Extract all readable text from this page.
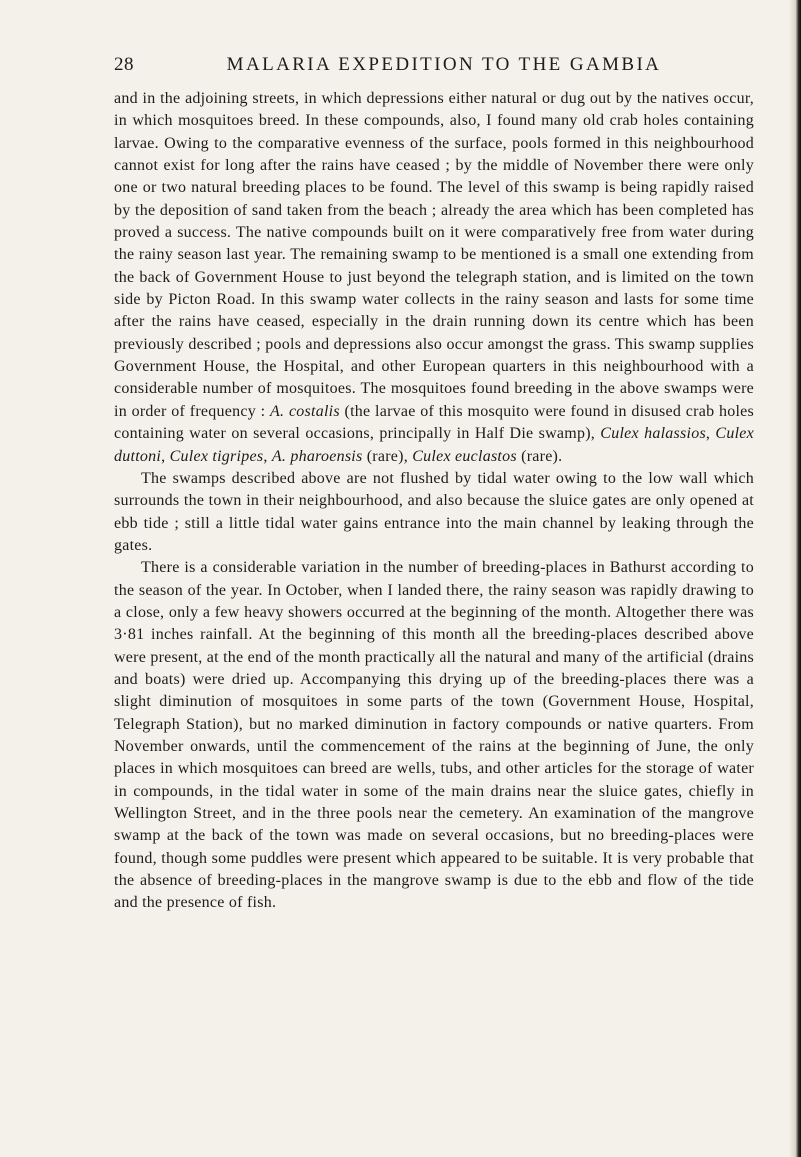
28	MALARIA EXPEDITION TO THE GAMBIA

and in the adjoining streets, in which depressions either natural or dug out by the natives occur, in which mosquitoes breed. In these compounds, also, I found many old crab holes containing larvae. Owing to the comparative evenness of the surface, pools formed in this neighbourhood cannot exist for long after the rains have ceased ; by the middle of November there were only one or two natural breeding places to be found. The level of this swamp is being rapidly raised by the deposition of sand taken from the beach ; already the area which has been completed has proved a success. The native compounds built on it were comparatively free from water during the rainy season last year. The remaining swamp to be mentioned is a small one extending from the back of Government House to just beyond the telegraph station, and is limited on the town side by Picton Road. In this swamp water collects in the rainy season and lasts for some time after the rains have ceased, especially in the drain running down its centre which has been previously described ; pools and depressions also occur amongst the grass. This swamp supplies Government House, the Hospital, and other European quarters in this neighbourhood with a considerable number of mosquitoes. The mosquitoes found breeding in the above swamps were in order of frequency : A. costalis (the larvae of this mosquito were found in disused crab holes containing water on several occasions, principally in Half Die swamp), Culex halassios, Culex duttoni, Culex tigripes, A. pharoensis (rare), Culex euclastos (rare).

The swamps described above are not flushed by tidal water owing to the low wall which surrounds the town in their neighbourhood, and also because the sluice gates are only opened at ebb tide ; still a little tidal water gains entrance into the main channel by leaking through the gates.

There is a considerable variation in the number of breeding-places in Bathurst according to the season of the year. In October, when I landed there, the rainy season was rapidly drawing to a close, only a few heavy showers occurred at the beginning of the month. Altogether there was 3·81 inches rainfall. At the beginning of this month all the breeding-places described above were present, at the end of the month practically all the natural and many of the artificial (drains and boats) were dried up. Accompanying this drying up of the breeding-places there was a slight diminution of mosquitoes in some parts of the town (Government House, Hospital, Telegraph Station), but no marked diminution in factory compounds or native quarters. From November onwards, until the commencement of the rains at the beginning of June, the only places in which mosquitoes can breed are wells, tubs, and other articles for the storage of water in compounds, in the tidal water in some of the main drains near the sluice gates, chiefly in Wellington Street, and in the three pools near the cemetery. An examination of the mangrove swamp at the back of the town was made on several occasions, but no breeding-places were found, though some puddles were present which appeared to be suitable. It is very probable that the absence of breeding-places in the mangrove swamp is due to the ebb and flow of the tide and the presence of fish.
